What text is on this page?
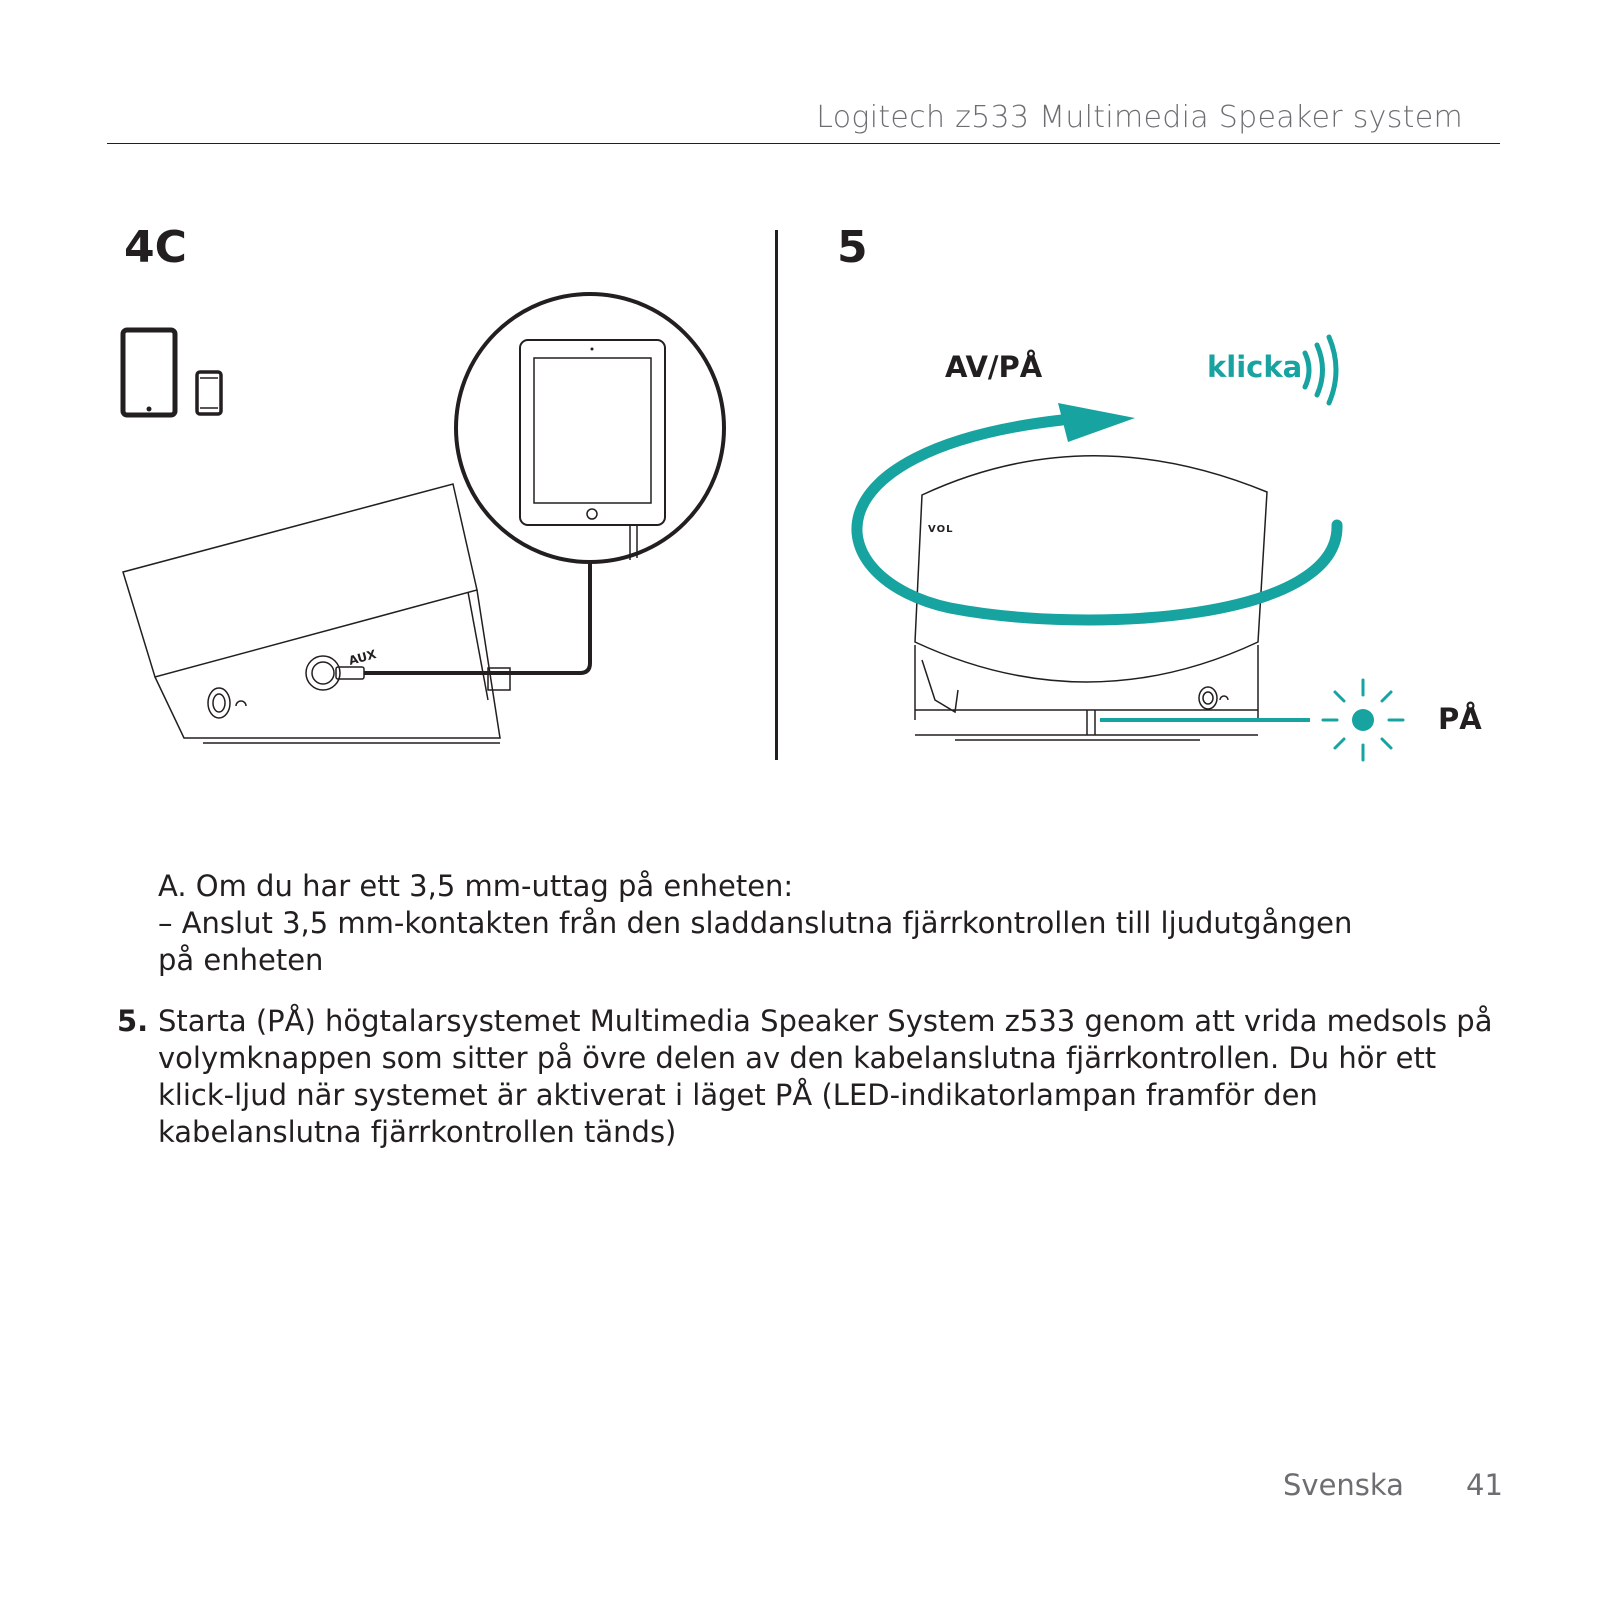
Logitech z533 Multimedia Speaker system
4C
AUX
5
AV/PÅ	klicka
PÅ
VOL
A. Om du har ett 3,5 mm-uttag på enheten:
– Anslut 3,5 mm-kontakten från den sladdanslutna fjärrkontrollen till ljudutgången
på enheten
5. Starta (PÅ) högtalarsystemet Multimedia Speaker System z533 genom att vrida medsols på volymknappen som sitter på övre delen av den kabelanslutna fjärrkontrollen. Du hör ett klick-ljud när systemet är aktiverat i läget PÅ (LED-indikatorlampan framför den kabelanslutna fjärrkontrollen tänds)
Svenska 41
